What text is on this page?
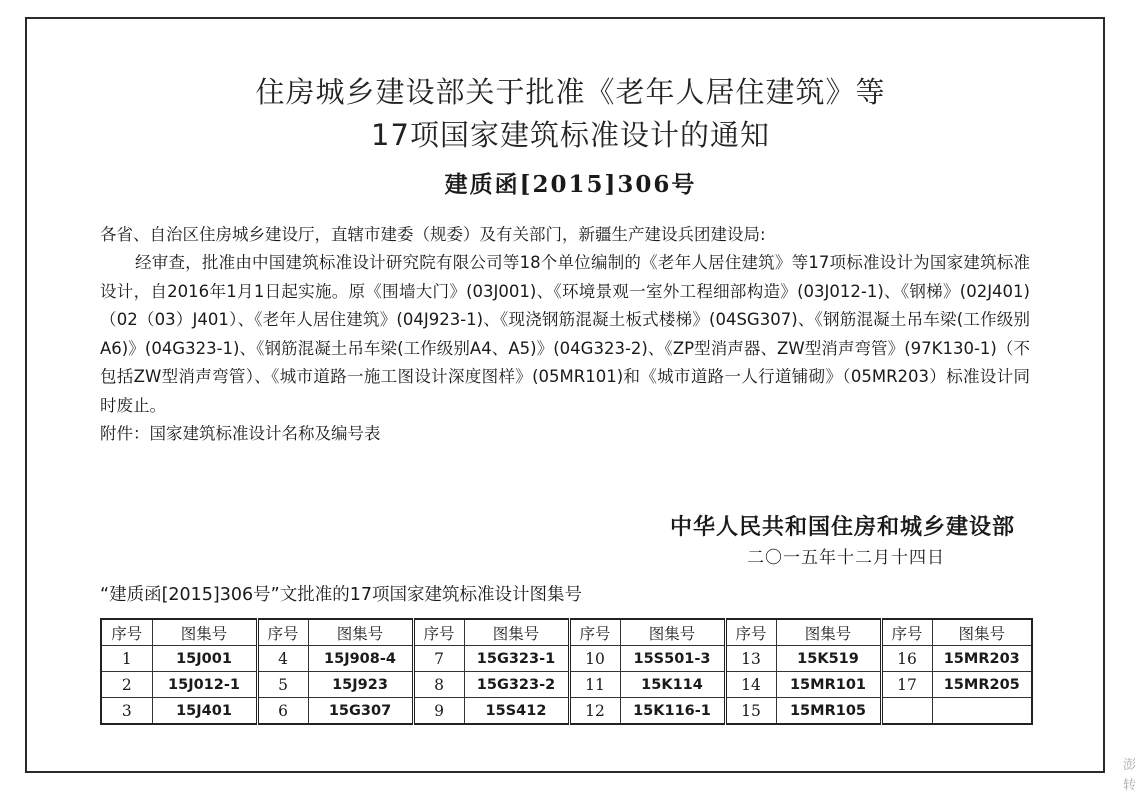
住房城乡建设部关于批准《老年人居住建筑》等
17项国家建筑标准设计的通知
建质函[2015]306号

各省、自治区住房城乡建设厅，直辖市建委（规委）及有关部门，新疆生产建设兵团建设局:

经审查，批准由中国建筑标准设计研究院有限公司等18个单位编制的《老年人居住建筑》等17项标准设计为国家建筑标准设计，自2016年1月1日起实施。原《围墙大门》(03J001)、《环境景观一室外工程细部构造》(03J012-1)、《钢梯》(02J401)（02（03）J401）、《老年人居住建筑》(04J923-1)、《现浇钢筋混凝土板式楼梯》(04SG307)、《钢筋混凝土吊车梁(工作级别A6)》(04G323-1)、《钢筋混凝土吊车梁(工作级别A4、A5)》(04G323-2)、《ZP型消声器、ZW型消声弯管》(97K130-1)（不包括ZW型消声弯管）、《城市道路一施工图设计深度图样》(05MR101)和《城市道路一人行道铺砌》（05MR203）标准设计同时废止。

附件：国家建筑标准设计名称及编号表

中华人民共和国住房和城乡建设部
二〇一五年十二月十四日
“建质函[2015]306号”文批准的17项国家建筑标准设计图集号
序号	图集号	序号	图集号	序号	图集号	序号	图集号	序号	图集号	序号	图集号
1	15J001	4	15J908-4	7	15G323-1	10	15S501-3	13	15K519	16	15MR203
2	15J012-1	5	15J923	8	15G323-2	11	15K114	14	15MR101	17	15MR205
3	15J401	6	15G307	9	15S412	12	15K116-1	15	15MR105		
澎
转
